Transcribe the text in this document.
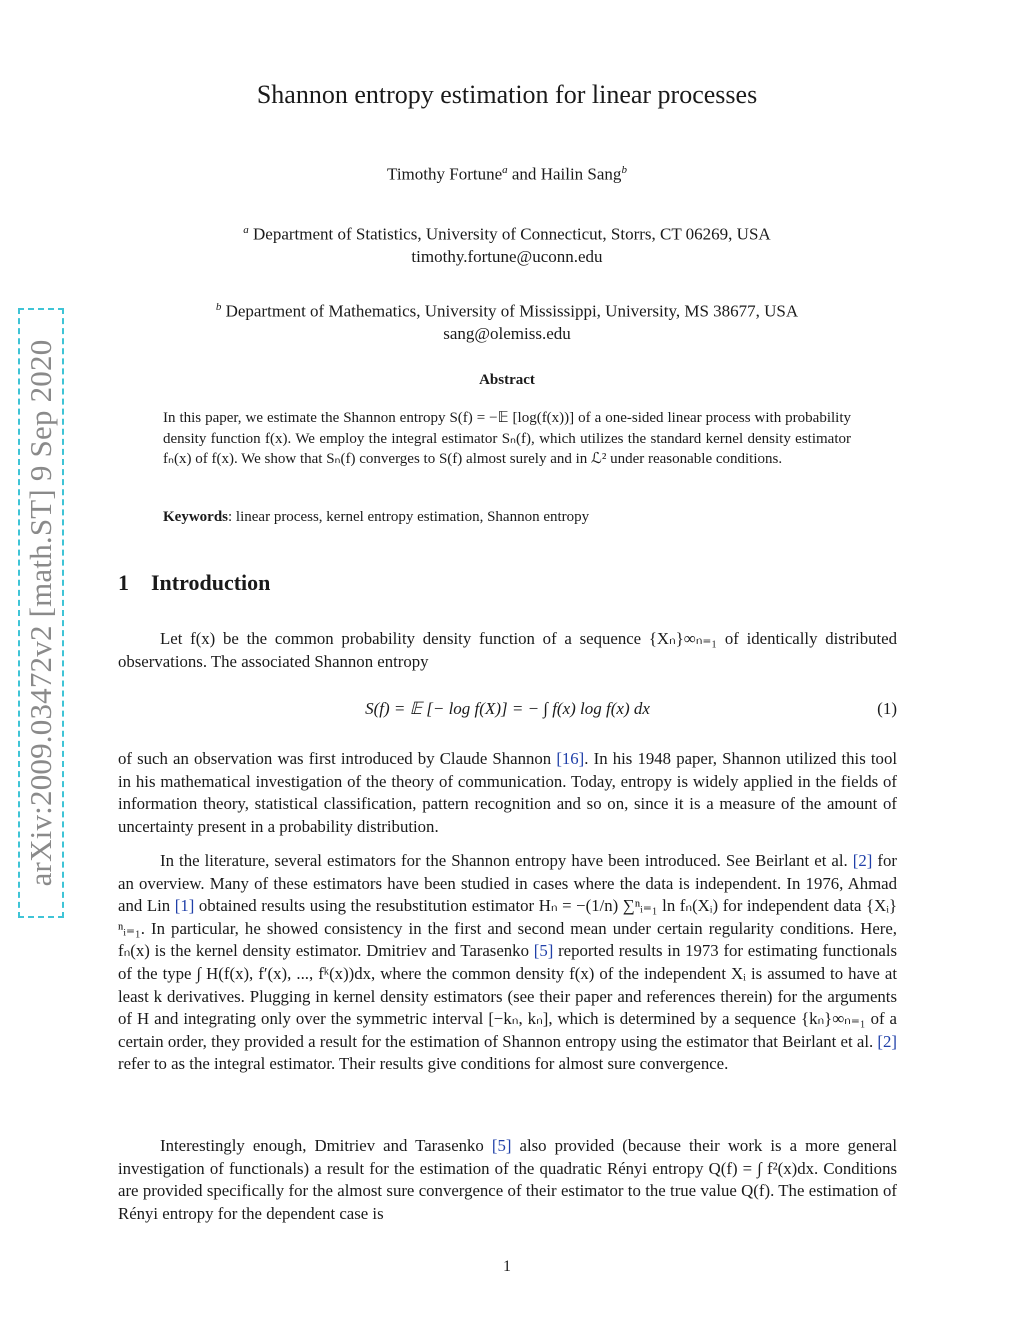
arXiv:2009.03472v2 [math.ST] 9 Sep 2020
Shannon entropy estimation for linear processes
Timothy Fortune$^a$ and Hailin Sang$^b$
$^a$ Department of Statistics, University of Connecticut, Storrs, CT 06269, USA
timothy.fortune@uconn.edu
$^b$ Department of Mathematics, University of Mississippi, University, MS 38677, USA
sang@olemiss.edu
Abstract
In this paper, we estimate the Shannon entropy S(f) = −𝔼 [log(f(x))] of a one-sided linear process with probability density function f(x). We employ the integral estimator Sₙ(f), which utilizes the standard kernel density estimator fₙ(x) of f(x). We show that Sₙ(f) converges to S(f) almost surely and in ℒ² under reasonable conditions.
Keywords: linear process, kernel entropy estimation, Shannon entropy
1 Introduction
Let f(x) be the common probability density function of a sequence {Xₙ}∞ₙ₌₁ of identically distributed observations. The associated Shannon entropy
S(f) = 𝔼 [− log f(X)] = − ∫ f(x) log f(x) dx	(1)
of such an observation was first introduced by Claude Shannon [16]. In his 1948 paper, Shannon utilized this tool in his mathematical investigation of the theory of communication. Today, entropy is widely applied in the fields of information theory, statistical classification, pattern recognition and so on, since it is a measure of the amount of uncertainty present in a probability distribution.
In the literature, several estimators for the Shannon entropy have been introduced. See Beirlant et al. [2] for an overview. Many of these estimators have been studied in cases where the data is independent. In 1976, Ahmad and Lin [1] obtained results using the resubstitution estimator Hₙ = −(1/n) ∑ⁿᵢ₌₁ ln fₙ(Xᵢ) for independent data {Xᵢ}ⁿᵢ₌₁. In particular, he showed consistency in the first and second mean under certain regularity conditions. Here, fₙ(x) is the kernel density estimator. Dmitriev and Tarasenko [5] reported results in 1973 for estimating functionals of the type ∫ H(f(x), f′(x), ..., fᵏ(x))dx, where the common density f(x) of the independent Xᵢ is assumed to have at least k derivatives. Plugging in kernel density estimators (see their paper and references therein) for the arguments of H and integrating only over the symmetric interval [−kₙ, kₙ], which is determined by a sequence {kₙ}∞ₙ₌₁ of a certain order, they provided a result for the estimation of Shannon entropy using the estimator that Beirlant et al. [2] refer to as the integral estimator. Their results give conditions for almost sure convergence.
Interestingly enough, Dmitriev and Tarasenko [5] also provided (because their work is a more general investigation of functionals) a result for the estimation of the quadratic Rényi entropy Q(f) = ∫ f²(x)dx. Conditions are provided specifically for the almost sure convergence of their estimator to the true value Q(f). The estimation of Rényi entropy for the dependent case is
1
